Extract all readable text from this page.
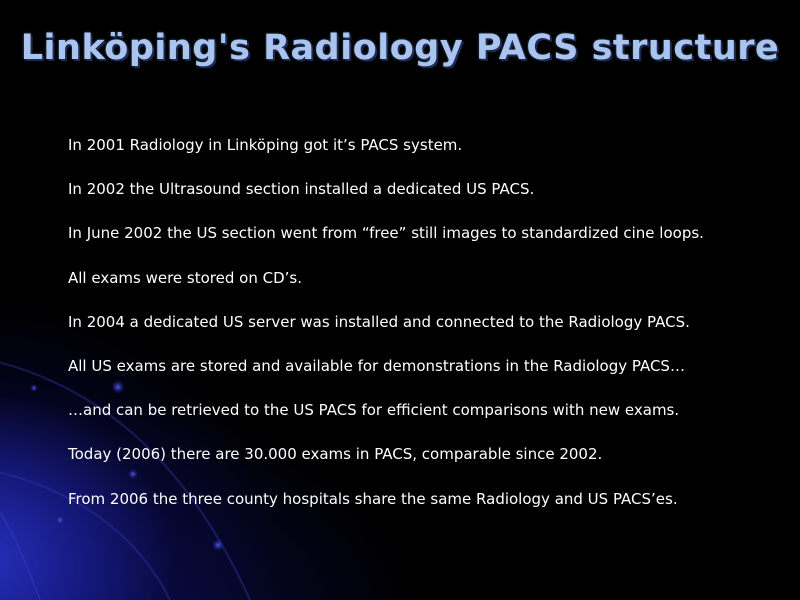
Linköping's Radiology PACS structure
In 2001 Radiology in Linköping got it’s PACS system.
In 2002 the Ultrasound section installed a dedicated US PACS.
In June 2002 the US section went from “free” still images to standardized cine loops.
All exams were stored on CD’s.
In 2004 a dedicated US server was installed and connected to the Radiology PACS.
All US exams are stored and available for demonstrations in the Radiology PACS…
…and can be retrieved to the US PACS for efficient comparisons with new exams.
Today (2006) there are 30.000 exams in PACS, comparable since 2002.
From 2006 the three county hospitals share the same Radiology and US PACS’es.
